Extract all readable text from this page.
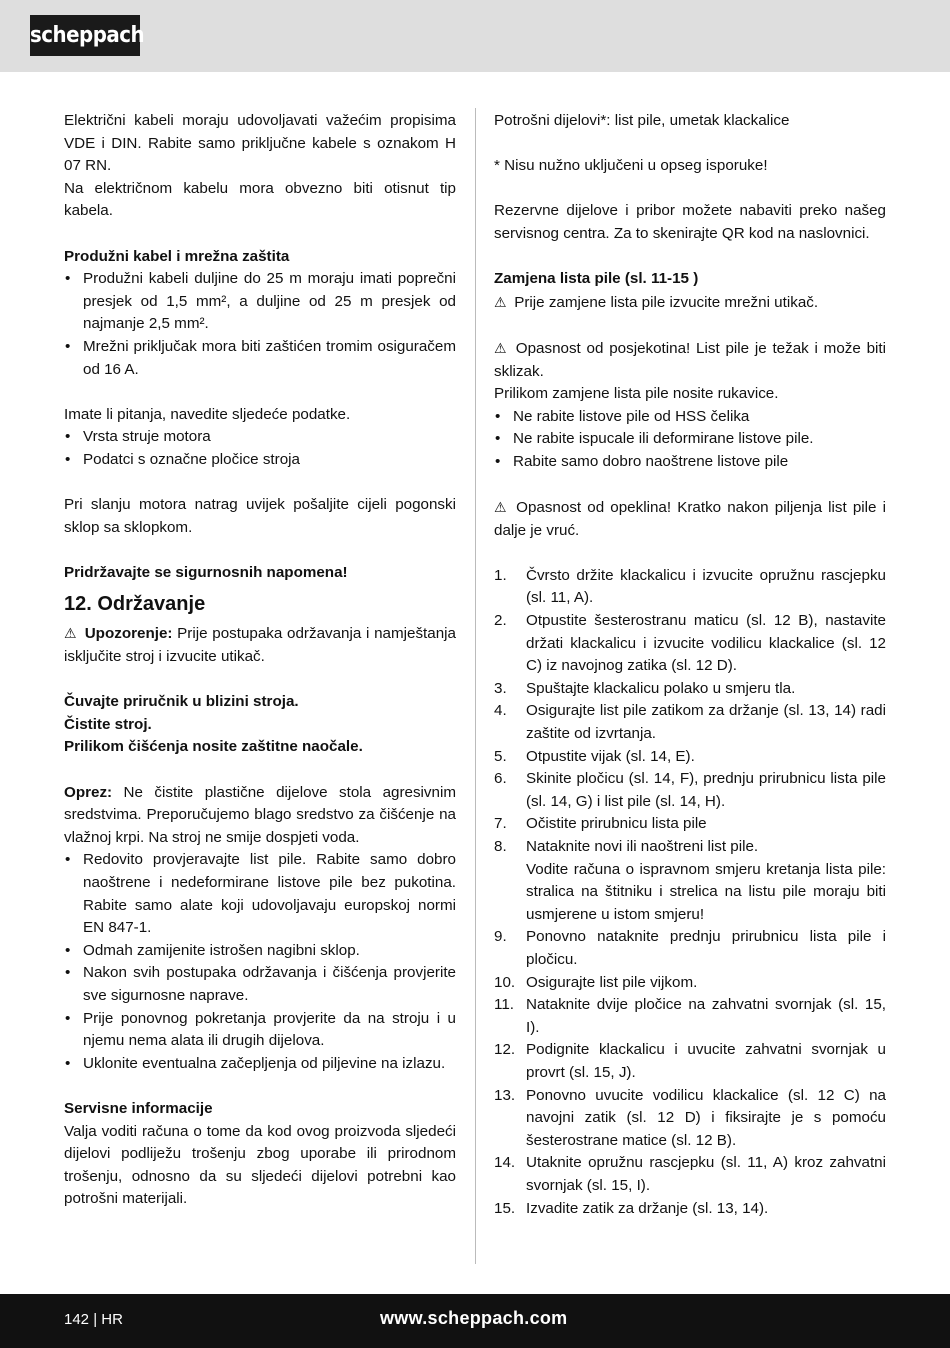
scheppach

Električni kabeli moraju udovoljavati važećim propisima VDE i DIN. Rabite samo priključne kabele s oznakom H 07 RN.

Na električnom kabelu mora obvezno biti otisnut tip kabela.

Produžni kabel i mrežna zaštita

• Produžni kabeli duljine do 25 m moraju imati poprečni presjek od 1,5 mm², a duljine od 25 m presjek od najmanje 2,5 mm².
• Mrežni priključak mora biti zaštićen tromim osiguračem od 16 A.

Imate li pitanja, navedite sljedeće podatke.

• Vrsta struje motora
• Podatci s označne pločice stroja

Pri slanju motora natrag uvijek pošaljite cijeli pogonski sklop sa sklopkom.

Pridržavajte se sigurnosnih napomena!

12. Održavanje

⚠ Upozorenje: Prije postupaka održavanja i namještanja isključite stroj i izvucite utikač.

Čuvajte priručnik u blizini stroja.

Čistite stroj.

Prilikom čišćenja nosite zaštitne naočale.

Oprez: Ne čistite plastične dijelove stola agresivnim sredstvima. Preporučujemo blago sredstvo za čišćenje na vlažnoj krpi. Na stroj ne smije dospjeti voda.

• Redovito provjeravajte list pile. Rabite samo dobro naoštrene i nedeformirane listove pile bez pukotina. Rabite samo alate koji udovoljavaju europskoj normi EN 847-1.
• Odmah zamijenite istrošen nagibni sklop.
• Nakon svih postupaka održavanja i čišćenja provjerite sve sigurnosne naprave.
• Prije ponovnog pokretanja provjerite da na stroju i u njemu nema alata ili drugih dijelova.
• Uklonite eventualna začepljenja od piljevine na izlazu.

Servisne informacije

Valja voditi računa o tome da kod ovog proizvoda sljedeći dijelovi podliježu trošenju zbog uporabe ili prirodnom trošenju, odnosno da su sljedeći dijelovi potrebni kao potrošni materijali.

Potrošni dijelovi*: list pile, umetak klackalice

* Nisu nužno uključeni u opseg isporuke!

Rezervne dijelove i pribor možete nabaviti preko našeg servisnog centra. Za to skenirajte QR kod na naslovnici.

Zamjena lista pile (sl. 11-15 )

⚠ Prije zamjene lista pile izvucite mrežni utikač.

⚠ Opasnost od posjekotina! List pile je težak i može biti sklizak.

Prilikom zamjene lista pile nosite rukavice.

• Ne rabite listove pile od HSS čelika
• Ne rabite ispucale ili deformirane listove pile.
• Rabite samo dobro naoštrene listove pile

⚠ Opasnost od opeklina! Kratko nakon piljenja list pile i dalje je vruć.

1. Čvrsto držite klackalicu i izvucite opružnu rascjepku (sl. 11, A).
2. Otpustite šesterostranu maticu (sl. 12 B), nastavite držati klackalicu i izvucite vodilicu klackalice (sl. 12 C) iz navojnog zatika (sl. 12 D).
3. Spuštajte klackalicu polako u smjeru tla.
4. Osigurajte list pile zatikom za držanje (sl. 13, 14) radi zaštite od izvrtanja.
5. Otpustite vijak (sl. 14, E).
6. Skinite pločicu (sl. 14, F), prednju prirubnicu lista pile (sl. 14, G) i list pile (sl. 14, H).
7. Očistite prirubnicu lista pile
8. Nataknite novi ili naoštreni list pile.
Vodite računa o ispravnom smjeru kretanja lista pile: stralica na štitniku i strelica na listu pile moraju biti usmjerene u istom smjeru!
9. Ponovno nataknite prednju prirubnicu lista pile i pločicu.
10. Osigurajte list pile vijkom.
11. Nataknite dvije pločice na zahvatni svornjak (sl. 15, I).
12. Podignite klackalicu i uvucite zahvatni svornjak u provrt (sl. 15, J).
13. Ponovno uvucite vodilicu klackalice (sl. 12 C) na navojni zatik (sl. 12 D) i fiksirajte je s pomoću šesterostrane matice (sl. 12 B).
14. Utaknite opružnu rascjepku (sl. 11, A) kroz zahvatni svornjak (sl. 15, I).
15. Izvadite zatik za držanje (sl. 13, 14).
142 | HR	www.scheppach.com
